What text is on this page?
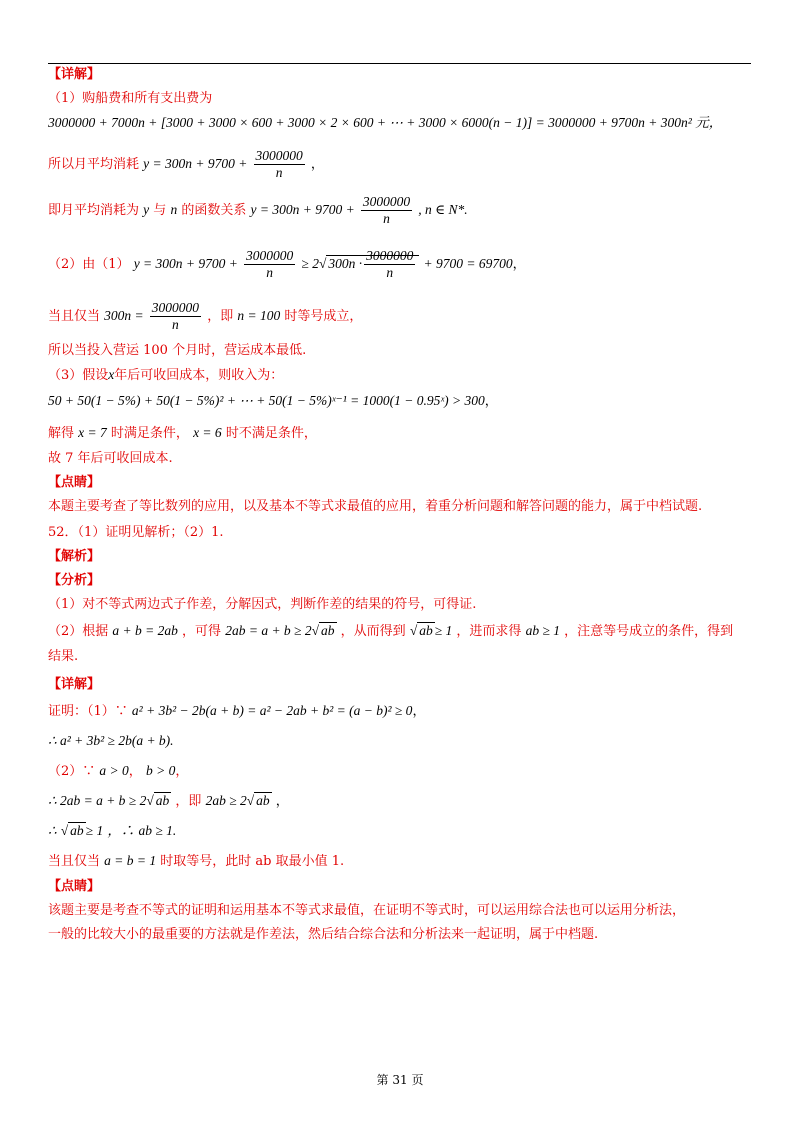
【详解】
（1）购船费和所有支出费为
3000000 + 7000n + [3000 + 3000 × 600 + 3000 × 2 × 600 + ⋯ + 3000 × 6000(n − 1)] = 3000000 + 9700n + 300n² 元，
所以月平均消耗 $y = 300n + 9700 + \frac{3000000}{n}$ ，
即月平均消耗为 y 与 n 的函数关系 $y = 300n + 9700 + \frac{3000000}{n}$ , n ∈ N*.
（2）由（1） $y = 300n + 9700 + \frac{3000000}{n} \ge 2√$ $300n \cdot \frac{3000000}{n} + 9700 = 69700$，
当且仅当 $300n = \frac{3000000}{n}$ ，即 n = 100 时等号成立，
所以当投入营运 100 个月时，营运成本最低.
（3）假设x年后可收回成本，则收入为：
50 + 50(1 − 5%) + 50(1 − 5%)² + ⋯ + 50(1 − 5%)ˣ⁻¹ = 1000(1 − 0.95ˣ) > 300，
解得 x = 7 时满足条件， x = 6 时不满足条件，
故 7 年后可收回成本.
【点睛】
本题主要考查了等比数列的应用，以及基本不等式求最值的应用，着重分析问题和解答问题的能力，属于中档试题.
52．（1）证明见解析；（2）1.
【解析】
【分析】
（1）对不等式两边式子作差，分解因式，判断作差的结果的符号，可得证.
（2）根据 a + b = 2ab ，可得 2ab = a + b ≥ 2√ ab ，从而得到 √ ab ≥ 1 ，进而求得 ab ≥ 1 ，注意等号成立的条件，得到
结果.
【详解】
证明：（1）∵ a² + 3b² − 2b(a + b) = a² − 2ab + b² = (a − b)² ≥ 0，
∴ a² + 3b² ≥ 2b(a + b).
（2）∵ a > 0， b > 0，
∴ 2ab = a + b ≥ 2√ ab ，即 2ab ≥ 2√ ab ，
∴ √ ab ≥ 1 ，∴ ab ≥ 1.
当且仅当 a = b = 1 时取等号，此时 ab 取最小值 1.
【点睛】
该题主要是考查不等式的证明和运用基本不等式求最值，在证明不等式时，可以运用综合法也可以运用分析法，
一般的比较大小的最重要的方法就是作差法，然后结合综合法和分析法来一起证明，属于中档题.
第 31 页
